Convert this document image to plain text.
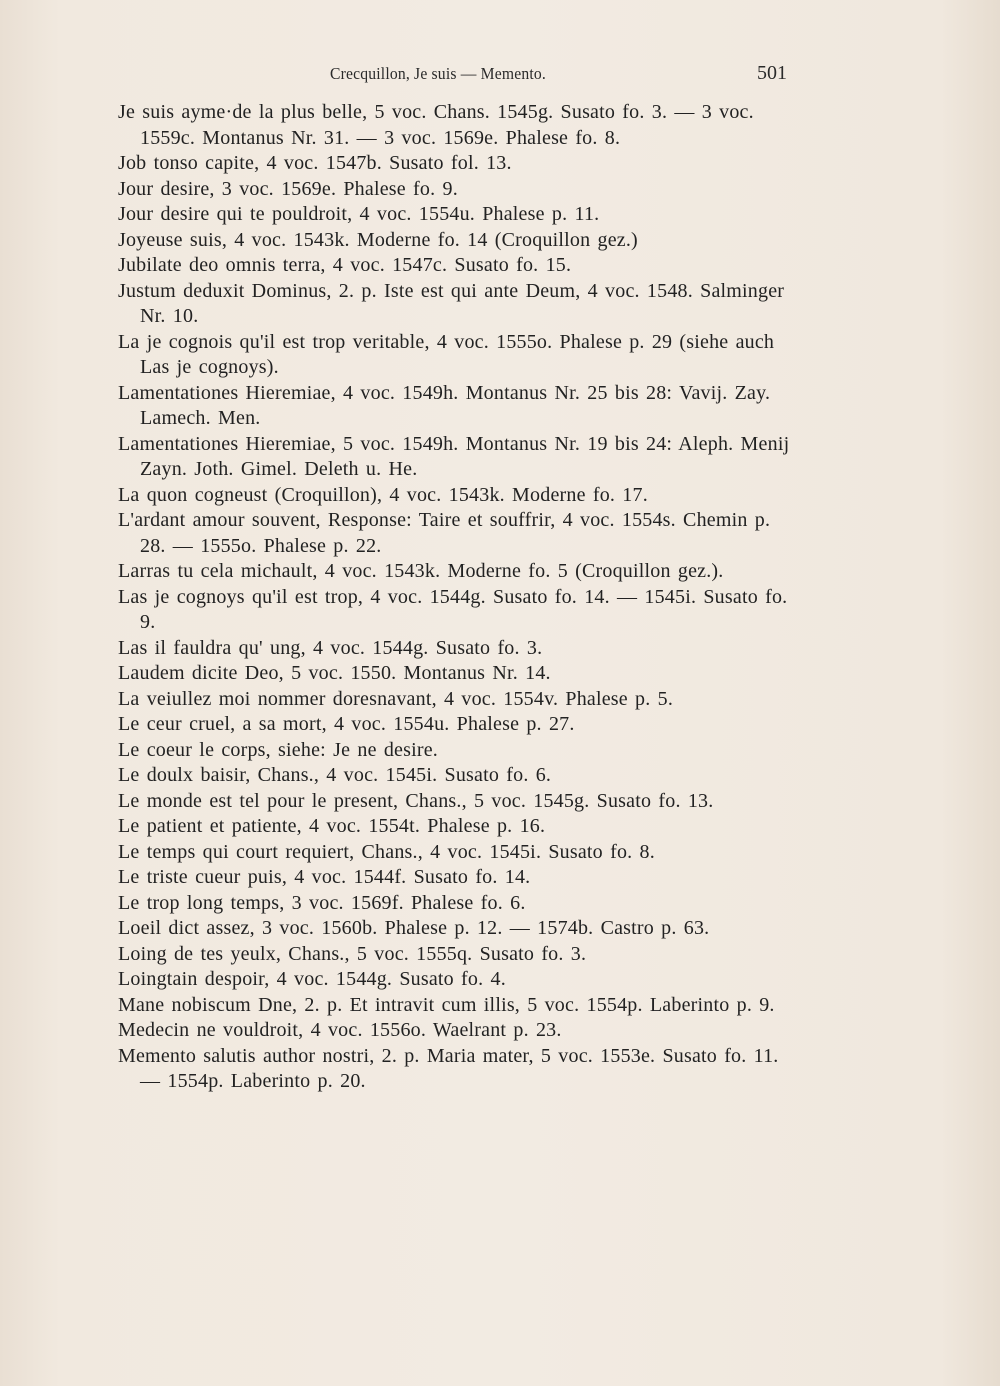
Crecquillon, Je suis — Memento.	501
Je suis ayme·de la plus belle, 5 voc. Chans. 1545g. Susato fo. 3. — 3 voc. 1559c. Montanus Nr. 31. — 3 voc. 1569e. Phalese fo. 8.
Job tonso capite, 4 voc. 1547b. Susato fol. 13.
Jour desire, 3 voc. 1569e. Phalese fo. 9.
Jour desire qui te pouldroit, 4 voc. 1554u. Phalese p. 11.
Joyeuse suis, 4 voc. 1543k. Moderne fo. 14 (Croquillon gez.)
Jubilate deo omnis terra, 4 voc. 1547c. Susato fo. 15.
Justum deduxit Dominus, 2. p. Iste est qui ante Deum, 4 voc. 1548. Salminger Nr. 10.
La je cognois qu'il est trop veritable, 4 voc. 1555o. Phalese p. 29 (siehe auch Las je cognoys).
Lamentationes Hieremiae, 4 voc. 1549h. Montanus Nr. 25 bis 28: Vavij. Zay. Lamech. Men.
Lamentationes Hieremiae, 5 voc. 1549h. Montanus Nr. 19 bis 24: Aleph. Menij Zayn. Joth. Gimel. Deleth u. He.
La quon cogneust (Croquillon), 4 voc. 1543k. Moderne fo. 17.
L'ardant amour souvent, Response: Taire et souffrir, 4 voc. 1554s. Chemin p. 28. — 1555o. Phalese p. 22.
Larras tu cela michault, 4 voc. 1543k. Moderne fo. 5 (Croquillon gez.).
Las je cognoys qu'il est trop, 4 voc. 1544g. Susato fo. 14. — 1545i. Susato fo. 9.
Las il fauldra qu' ung, 4 voc. 1544g. Susato fo. 3.
Laudem dicite Deo, 5 voc. 1550. Montanus Nr. 14.
La veiullez moi nommer doresnavant, 4 voc. 1554v. Phalese p. 5.
Le ceur cruel, a sa mort, 4 voc. 1554u. Phalese p. 27.
Le coeur le corps, siehe: Je ne desire.
Le doulx baisir, Chans., 4 voc. 1545i. Susato fo. 6.
Le monde est tel pour le present, Chans., 5 voc. 1545g. Susato fo. 13.
Le patient et patiente, 4 voc. 1554t. Phalese p. 16.
Le temps qui court requiert, Chans., 4 voc. 1545i. Susato fo. 8.
Le triste cueur puis, 4 voc. 1544f. Susato fo. 14.
Le trop long temps, 3 voc. 1569f. Phalese fo. 6.
Loeil dict assez, 3 voc. 1560b. Phalese p. 12. — 1574b. Castro p. 63.
Loing de tes yeulx, Chans., 5 voc. 1555q. Susato fo. 3.
Loingtain despoir, 4 voc. 1544g. Susato fo. 4.
Mane nobiscum Dne, 2. p. Et intravit cum illis, 5 voc. 1554p. Laberinto p. 9.
Medecin ne vouldroit, 4 voc. 1556o. Waelrant p. 23.
Memento salutis author nostri, 2. p. Maria mater, 5 voc. 1553e. Susato fo. 11. — 1554p. Laberinto p. 20.
